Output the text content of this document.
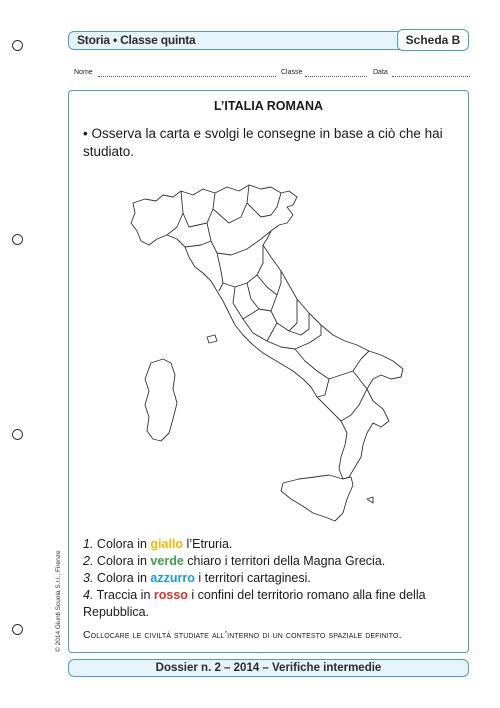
Storia • Classe quinta	Scheda B
Nome	Classe	Data
© 2014 Giunti Scuola S.r.l., Firenze
L’ITALIA ROMANA
• Osserva la carta e svolgi le consegne in base a ciò che hai studiato.

1. Colora in giallo l’Etruria.

2. Colora in verde chiaro i territori della Magna Grecia.

3. Colora in azzurro i territori cartaginesi.

4. Traccia in rosso i confini del territorio romano alla fine della Repubblica.

Collocare le civiltà studiate all’interno di un contesto spaziale definito.
Dossier n. 2 – 2014 – Verifiche intermedie
